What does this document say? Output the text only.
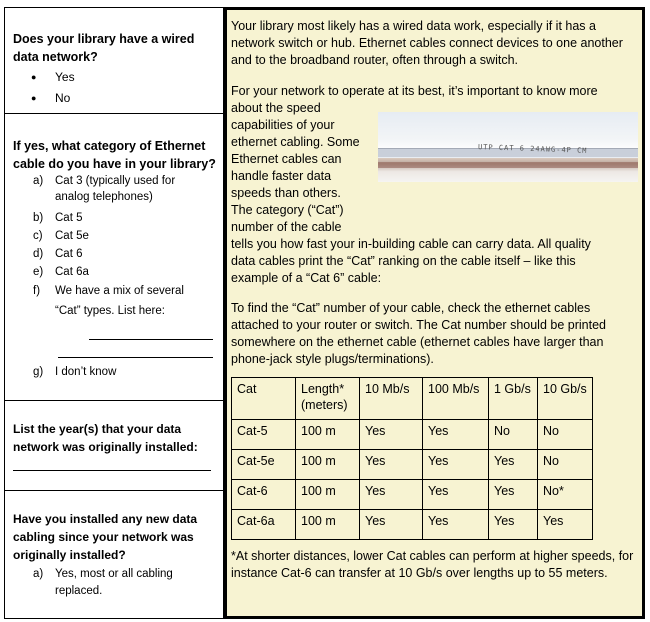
Does your library have a wired data network?

● Yes

● No

If yes, what category of Ethernet cable do you have in your library?

a) Cat 3 (typically used for analog telephones)
b) Cat 5
c) Cat 5e
d) Cat 6
e) Cat 6a
f) We have a mix of several “Cat” types. List here:
g) I don’t know

List the year(s) that your data network was originally installed:

Have you installed any new data cabling since your network was originally installed?

a) Yes, most or all cabling replaced.

Your library most likely has a wired data work, especially if it has a network switch or hub. Ethernet cables connect devices to one another and to the broadband router, often through a switch.

For your network to operate at its best, it’s important to know more

about the speed

capabilities of your

ethernet cabling. Some

Ethernet cables can

handle faster data

speeds than others.

The category (“Cat”)

number of the cable

tells you how fast your in-building cable can carry data. All quality

data cables print the “Cat” ranking on the cable itself – like this

example of a “Cat 6” cable:

UTP CAT 6 24AWG-4P CM

To find the “Cat” number of your cable, check the ethernet cables attached to your router or switch. The Cat number should be printed somewhere on the ethernet cable (ethernet cables have larger than phone-jack style plugs/terminations).

Cat	Length* (meters)	10 Mb/s	100 Mb/s	1 Gb/s	10 Gb/s
Cat-5	100 m	Yes	Yes	No	No
Cat-5e	100 m	Yes	Yes	Yes	No
Cat-6	100 m	Yes	Yes	Yes	No*
Cat-6a	100 m	Yes	Yes	Yes	Yes

*At shorter distances, lower Cat cables can perform at higher speeds, for instance Cat-6 can transfer at 10 Gb/s over lengths up to 55 meters.
